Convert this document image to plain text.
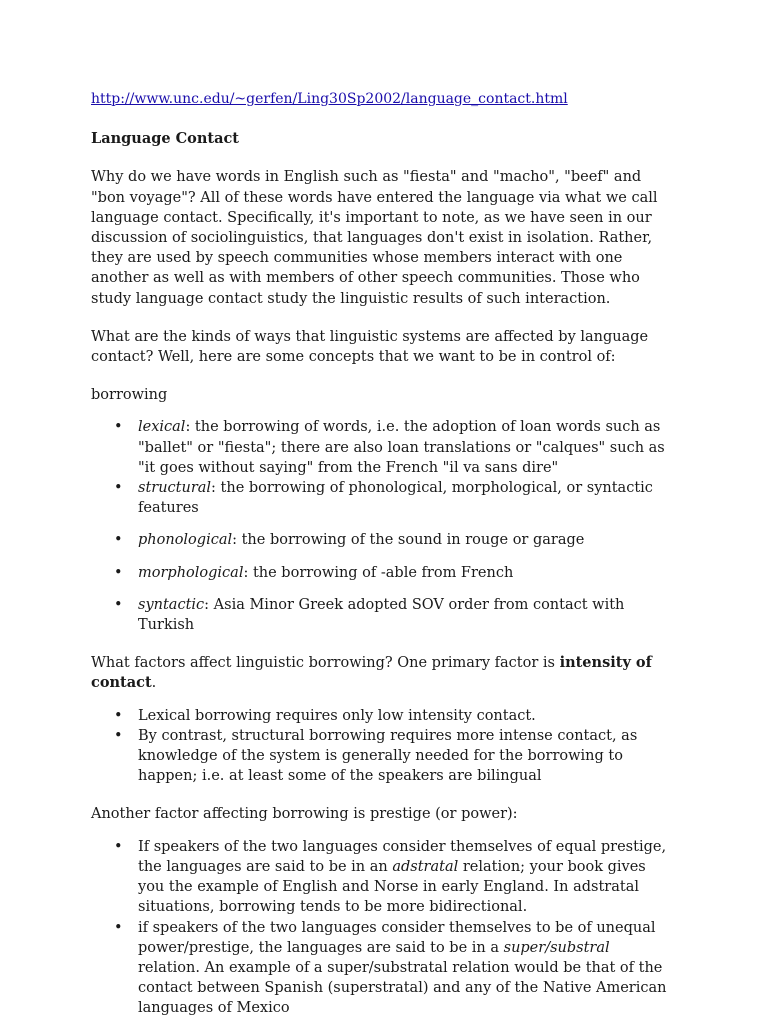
http://www.unc.edu/~gerfen/Ling30Sp2002/language_contact.html

Language Contact

Why do we have words in English such as "fiesta" and "macho", "beef" and "bon voyage"? All of these words have entered the language via what we call language contact. Specifically, it's important to note, as we have seen in our discussion of sociolinguistics, that languages don't exist in isolation. Rather, they are used by speech communities whose members interact with one another as well as with members of other speech communities. Those who study language contact study the linguistic results of such interaction.

What are the kinds of ways that linguistic systems are affected by language contact? Well, here are some concepts that we want to be in control of:

borrowing

• lexical: the borrowing of words, i.e. the adoption of loan words such as "ballet" or "fiesta"; there are also loan translations or "calques" such as "it goes without saying" from the French "il va sans dire"
• structural: the borrowing of phonological, morphological, or syntactic features
• phonological: the borrowing of the sound in rouge or garage
• morphological: the borrowing of -able from French
• syntactic: Asia Minor Greek adopted SOV order from contact with Turkish

What factors affect linguistic borrowing? One primary factor is intensity of contact.

• Lexical borrowing requires only low intensity contact.
• By contrast, structural borrowing requires more intense contact, as knowledge of the system is generally needed for the borrowing to happen; i.e. at least some of the speakers are bilingual

Another factor affecting borrowing is prestige (or power):

• If speakers of the two languages consider themselves of equal prestige, the languages are said to be in an adstratal relation; your book gives you the example of English and Norse in early England. In adstratal situations, borrowing tends to be more bidirectional.
• if speakers of the two languages consider themselves to be of unequal power/prestige, the languages are said to be in a super/substral relation. An example of a super/substratal relation would be that of the contact between Spanish (superstratal) and any of the Native American languages of Mexico
